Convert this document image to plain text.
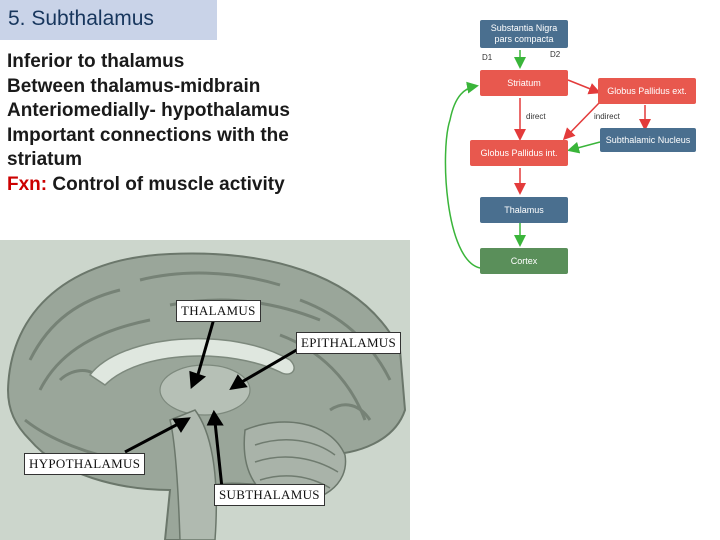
5. Subthalamus
Inferior to thalamus
Between thalamus-midbrain
Anteriomedially- hypothalamus
Important connections with the
striatum
Fxn: Control of muscle activity
THALAMUS
EPITHALAMUS
HYPOTHALAMUS
SUBTHALAMUS
Substantia Nigra
pars compacta
D1	D2
Striatum
Globus Pallidus ext.
direct	indirect
Subthalamic Nucleus
Globus Pallidus int.
Thalamus
Cortex
